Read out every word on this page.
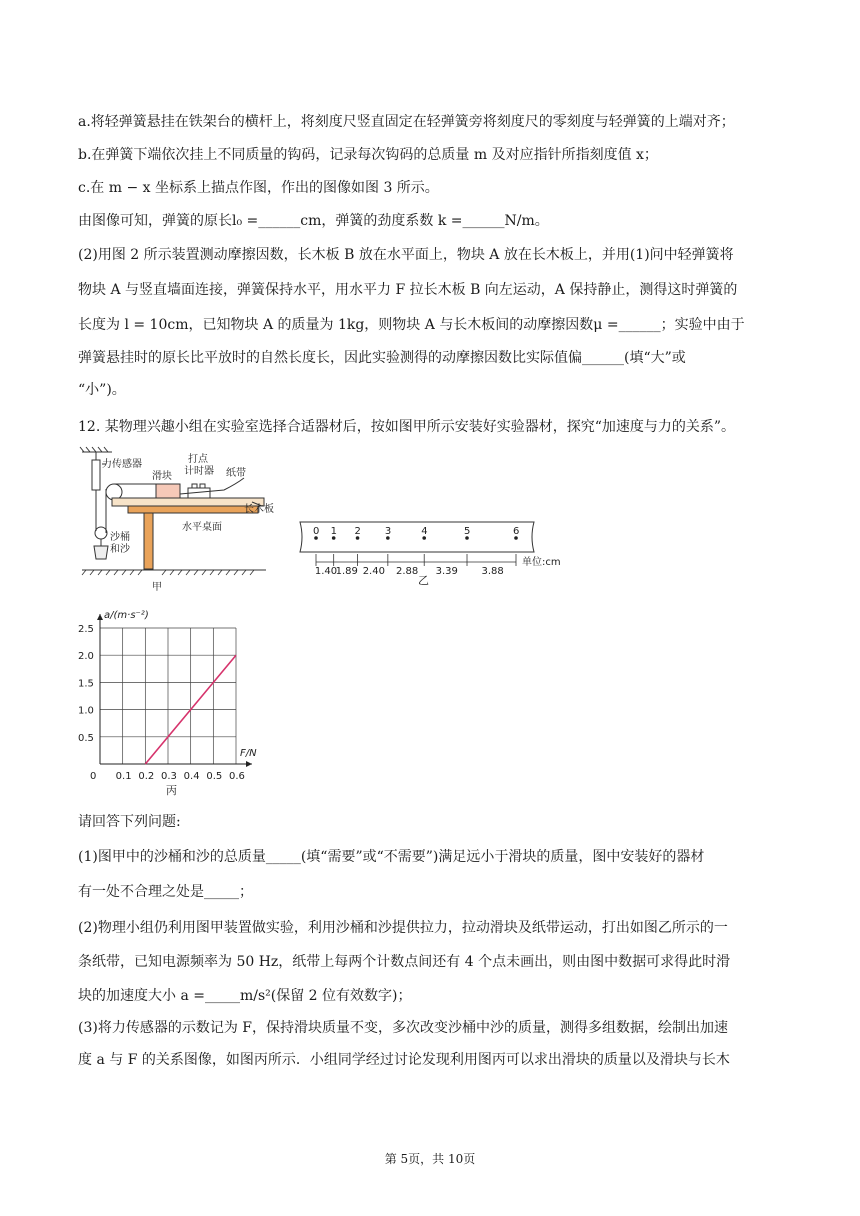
a.将轻弹簧悬挂在铁架台的横杆上，将刻度尺竖直固定在轻弹簧旁将刻度尺的零刻度与轻弹簧的上端对齐；
b.在弹簧下端依次挂上不同质量的钩码，记录每次钩码的总质量 m 及对应指针所指刻度值 x；
c.在 m − x 坐标系上描点作图，作出的图像如图 3 所示。
由图像可知，弹簧的原长l₀ =______cm，弹簧的劲度系数 k =______N/m。
(2)用图 2 所示装置测动摩擦因数，长木板 B 放在水平面上，物块 A 放在长木板上，并用(1)问中轻弹簧将
物块 A 与竖直墙面连接，弹簧保持水平，用水平力 F 拉长木板 B 向左运动，A 保持静止，测得这时弹簧的
长度为 l = 10cm，已知物块 A 的质量为 1kg，则物块 A 与长木板间的动摩擦因数μ =______；实验中由于
弹簧悬挂时的原长比平放时的自然长度长，因此实验测得的动摩擦因数比实际值偏______(填“大”或
“小”)。
12. 某物理兴趣小组在实验室选择合适器材后，按如图甲所示安装好实验器材，探究“加速度与力的关系”。
力传感器
滑块
打点
计时器 纸带
长木板
水平桌面
沙桶
和沙
甲
0 1 2 3	4	5	6
1.40
1.89 2.40 2.88 3.39 3.88
单位:cm
乙
0 0.1 0.2 0.3 0.4 0.5 0.6
0.5
1.0
1.5
2.0
2.5
a/(m·s⁻²)
F/N
丙
请回答下列问题:
(1)图甲中的沙桶和沙的总质量_____(填“需要”或“不需要”)满足远小于滑块的质量，图中安装好的器材
有一处不合理之处是_____；
(2)物理小组仍利用图甲装置做实验，利用沙桶和沙提供拉力，拉动滑块及纸带运动，打出如图乙所示的一
条纸带，已知电源频率为 50 Hz，纸带上每两个计数点间还有 4 个点未画出，则由图中数据可求得此时滑
块的加速度大小 a =_____m/s²(保留 2 位有效数字)；
(3)将力传感器的示数记为 F，保持滑块质量不变，多次改变沙桶中沙的质量，测得多组数据，绘制出加速
度 a 与 F 的关系图像，如图丙所示．小组同学经过讨论发现利用图丙可以求出滑块的质量以及滑块与长木
第 5页，共 10页
